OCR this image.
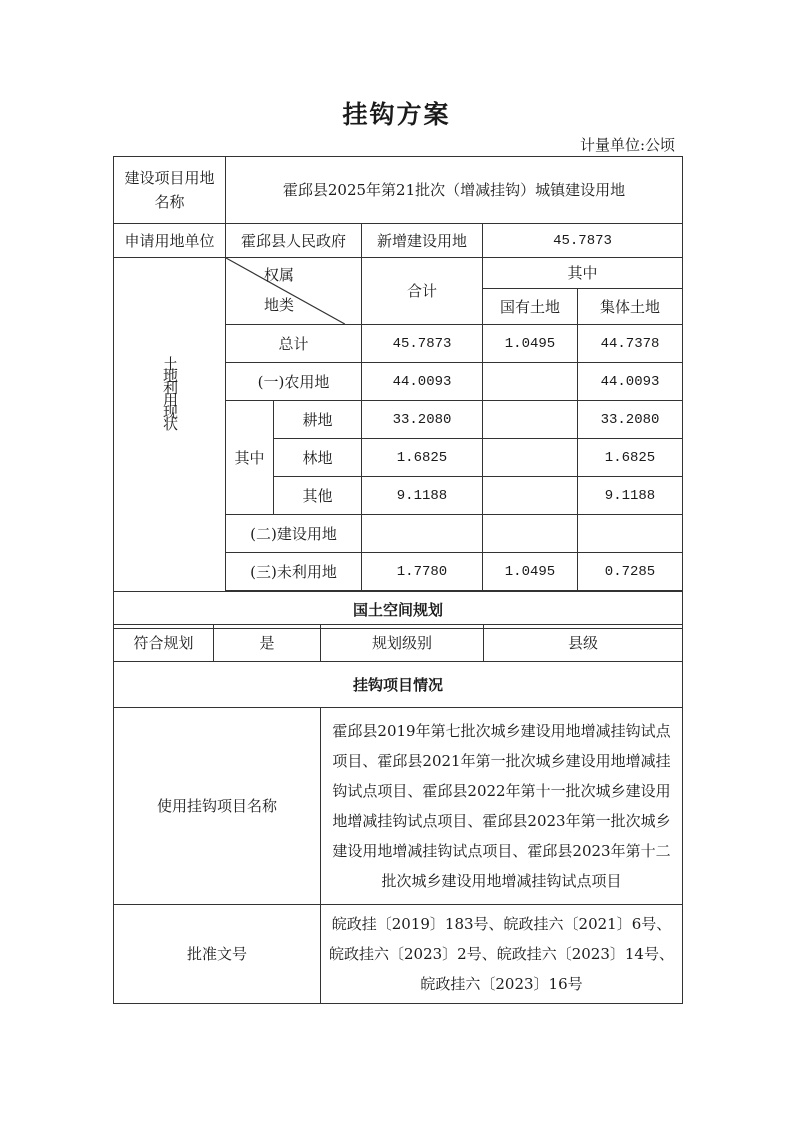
挂钩方案
计量单位:公顷
建设项目用地名称	霍邱县2025年第21批次（增减挂钩）城镇建设用地				
申请用地单位	霍邱县人民政府		新增建设用地	45.7873	
土地利用现状	权属
地类		合计	其中	
				国有土地	集体土地
	总计		45.7873	1.0495	44.7378
	(一)农用地		44.0093		44.0093
	其中	耕地	33.2080		33.2080
		林地	1.6825		1.6825
		其他	9.1188		9.1188
	(二)建设用地				
	(三)未利用地		1.7780	1.0495	0.7285

国土空间规划					
符合规划	是	规划级别	县级
挂钩项目情况
使用挂钩项目名称	霍邱县2019年第七批次城乡建设用地增减挂钩试点项目、霍邱县2021年第一批次城乡建设用地增减挂钩试点项目、霍邱县2022年第十一批次城乡建设用地增减挂钩试点项目、霍邱县2023年第一批次城乡建设用地增减挂钩试点项目、霍邱县2023年第十二批次城乡建设用地增减挂钩试点项目
批准文号	皖政挂〔2019〕183号、皖政挂六〔2021〕6号、皖政挂六〔2023〕2号、皖政挂六〔2023〕14号、皖政挂六〔2023〕16号
